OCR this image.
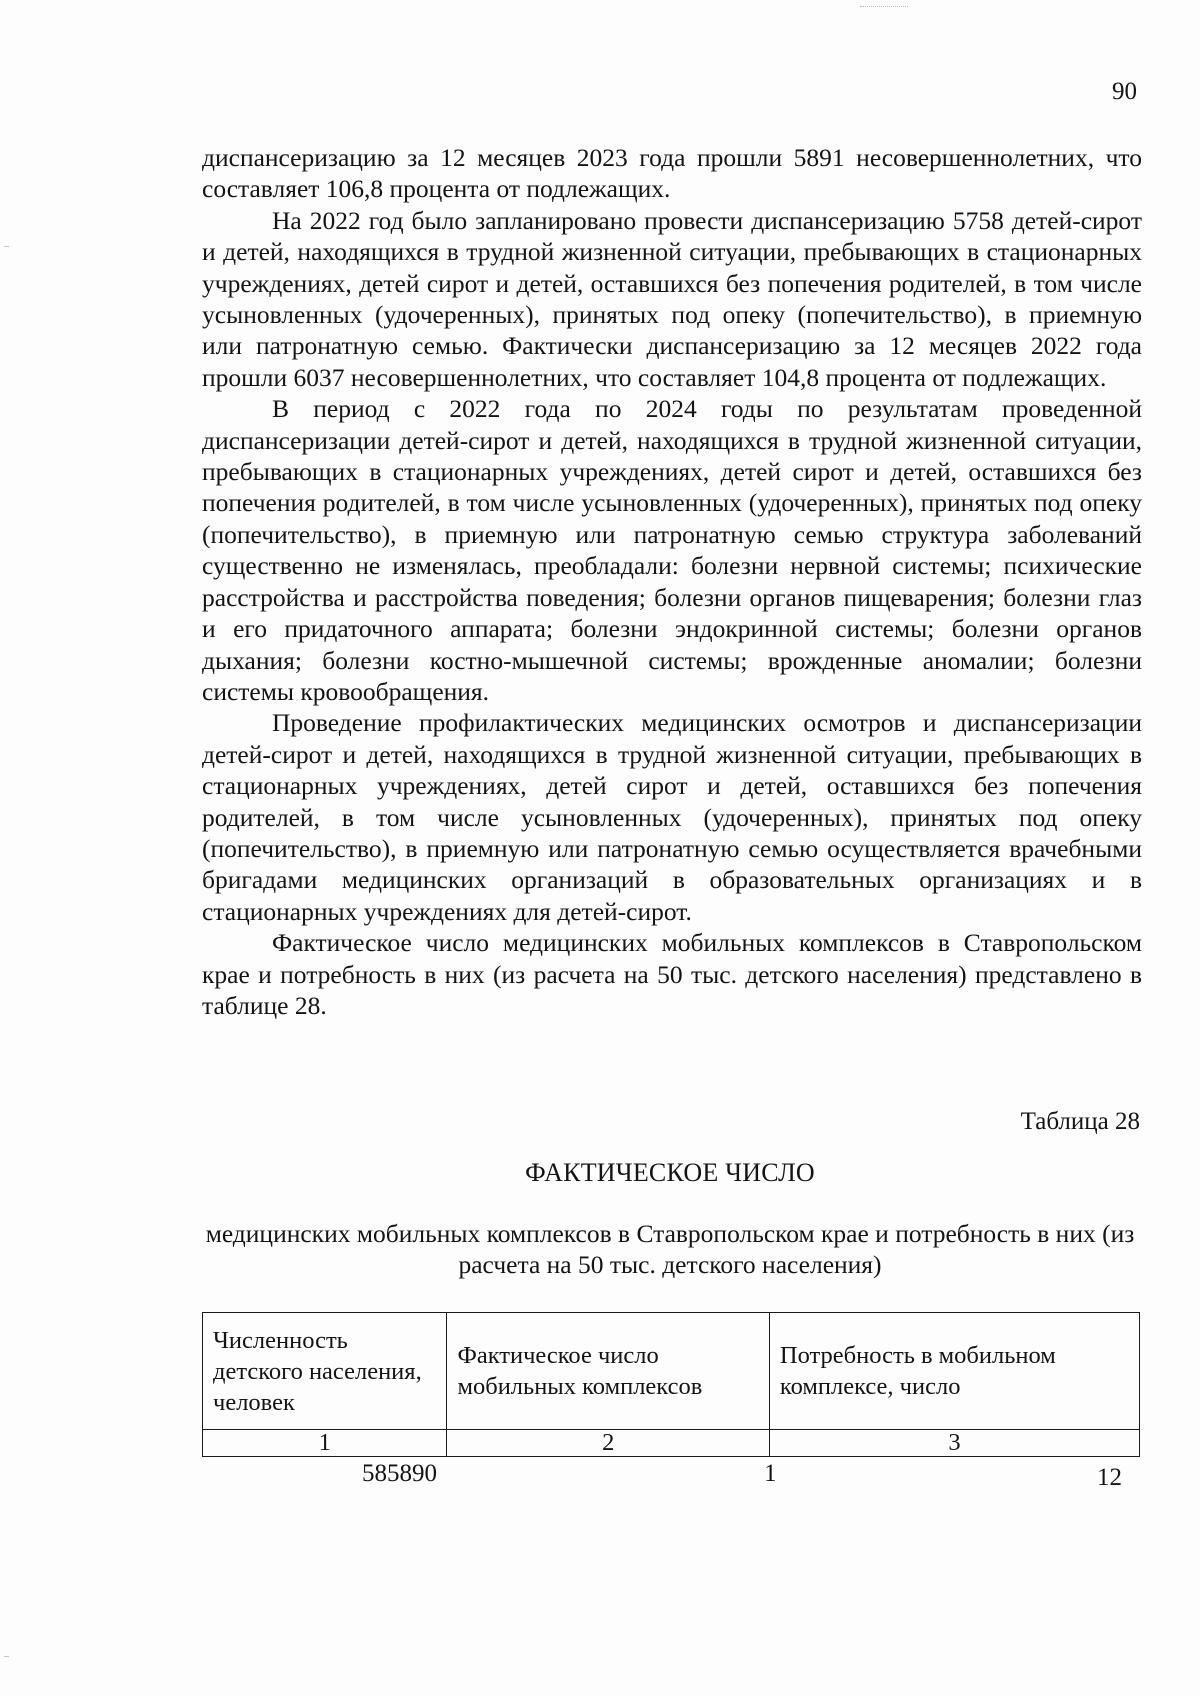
90

диспансеризацию за 12 месяцев 2023 года прошли 5891 несовершеннолетних, что составляет 106,8 процента от подлежащих.

На 2022 год было запланировано провести диспансеризацию 5758 детей-сирот и детей, находящихся в трудной жизненной ситуации, пребывающих в стационарных учреждениях, детей сирот и детей, оставшихся без попечения родителей, в том числе усыновленных (удочеренных), принятых под опеку (попечительство), в приемную или патронатную семью. Фактически диспансеризацию за 12 месяцев 2022 года прошли 6037 несовершеннолетних, что составляет 104,8 процента от подлежащих.

В период с 2022 года по 2024 годы по результатам проведенной диспансеризации детей-сирот и детей, находящихся в трудной жизненной ситуации, пребывающих в стационарных учреждениях, детей сирот и детей, оставшихся без попечения родителей, в том числе усыновленных (удочеренных), принятых под опеку (попечительство), в приемную или патронатную семью структура заболеваний существенно не изменялась, преобладали: болезни нервной системы; психические расстройства и расстройства поведения; болезни органов пищеварения; болезни глаз и его придаточного аппарата; болезни эндокринной системы; болезни органов дыхания; болезни костно-мышечной системы; врожденные аномалии; болезни системы кровообращения.

Проведение профилактических медицинских осмотров и диспансеризации детей-сирот и детей, находящихся в трудной жизненной ситуации, пребывающих в стационарных учреждениях, детей сирот и детей, оставшихся без попечения родителей, в том числе усыновленных (удочеренных), принятых под опеку (попечительство), в приемную или патронатную семью осуществляется врачебными бригадами медицинских организаций в образовательных организациях и в стационарных учреждениях для детей-сирот.

Фактическое число медицинских мобильных комплексов в Ставропольском крае и потребность в них (из расчета на 50 тыс. детского населения) представлено в таблице 28.

Таблица 28
ФАКТИЧЕСКОЕ ЧИСЛО
медицинских мобильных комплексов в Ставропольском крае и потребность в них (из расчета на 50 тыс. детского населения)
Численность детского населения, человек	Фактическое число мобильных комплексов	Потребность в мобильном комплексе, число
1	2	3
585890	1	12
